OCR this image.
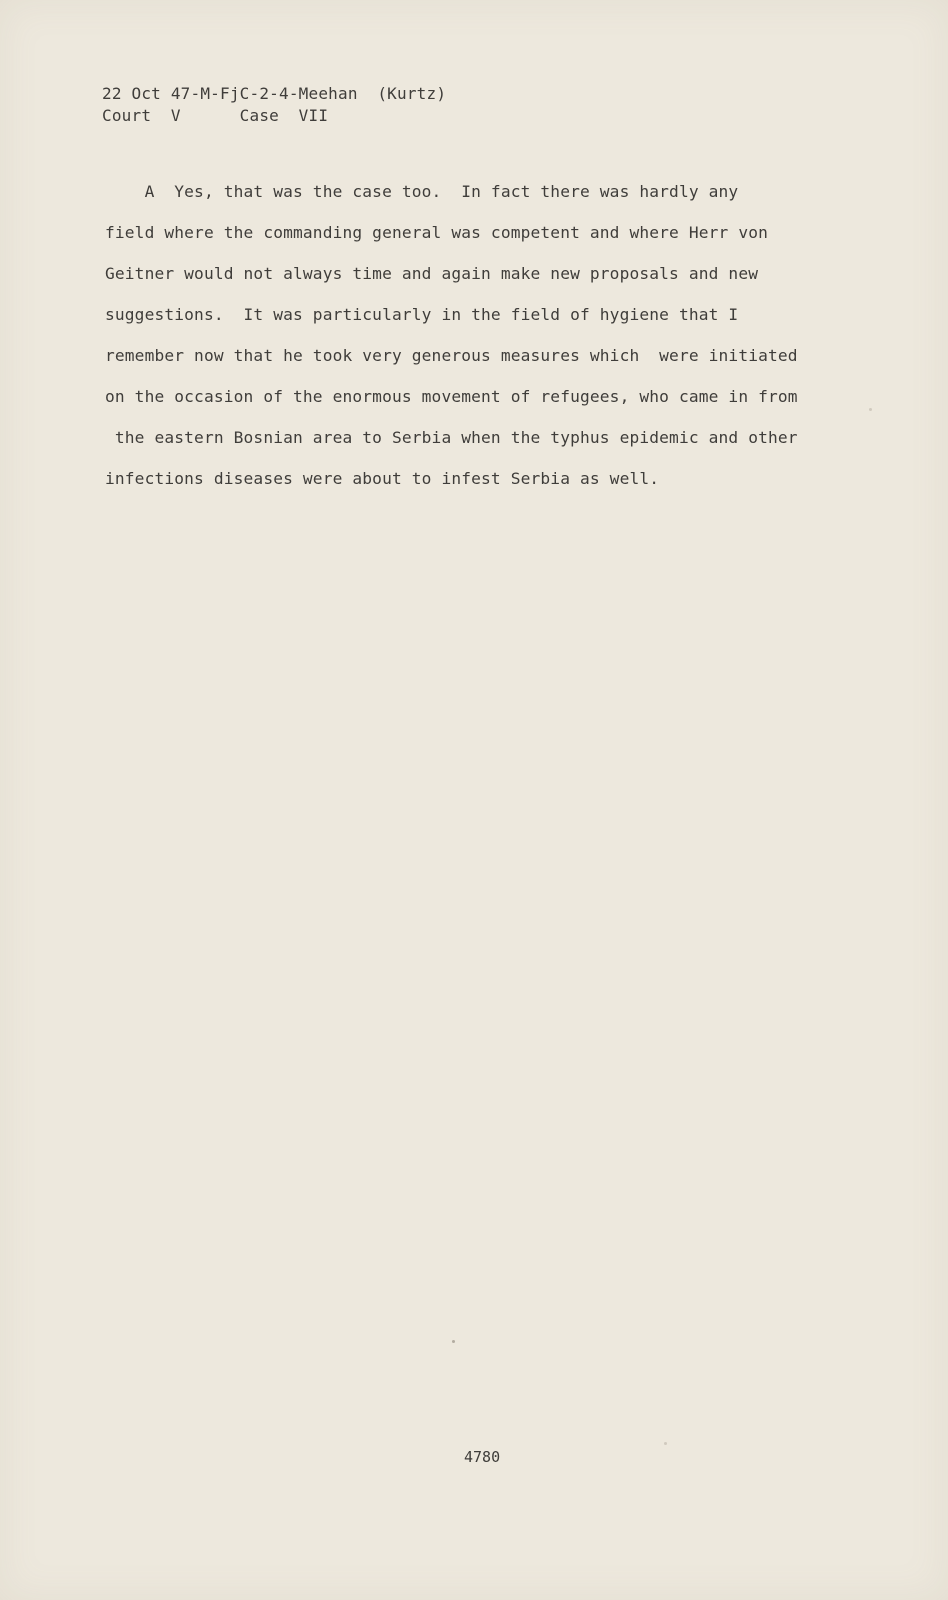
22 Oct 47-M-FjC-2-4-Meehan  (Kurtz)
Court  V      Case  VII
A  Yes, that was the case too.  In fact there was hardly any
field where the commanding general was competent and where Herr von
Geitner would not always time and again make new proposals and new
suggestions.  It was particularly in the field of hygiene that I
remember now that he took very generous measures which  were initiated
on the occasion of the enormous movement of refugees, who came in from
the eastern Bosnian area to Serbia when the typhus epidemic and other
infections diseases were about to infest Serbia as well.
4780
